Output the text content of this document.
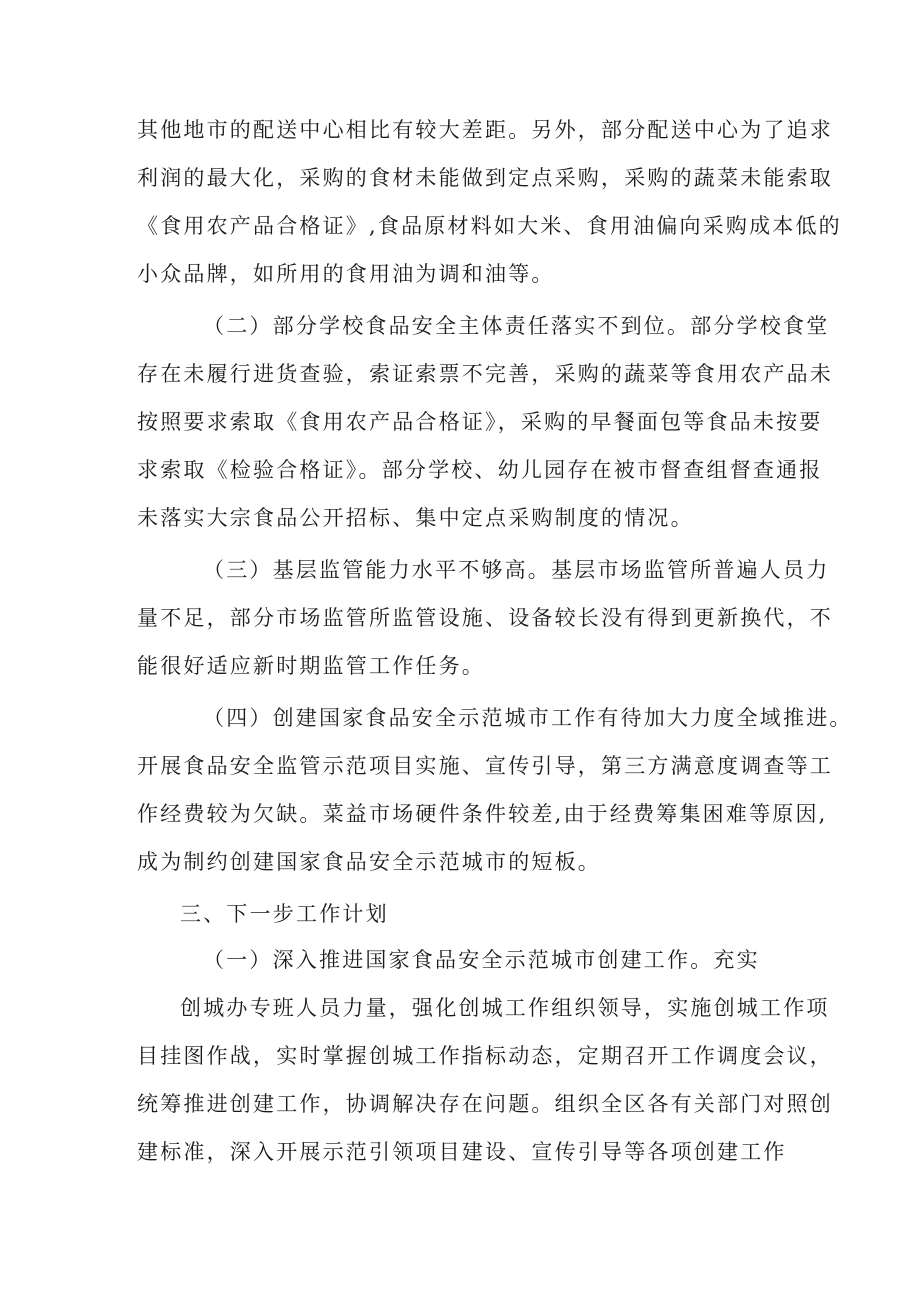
其他地市的配送中心相比有较大差距。另外，部分配送中心为了追求
利润的最大化，采购的食材未能做到定点采购，采购的蔬菜未能索取
《食用农产品合格证》,食品原材料如大米、食用油偏向采购成本低的
小众品牌，如所用的食用油为调和油等。
（二）部分学校食品安全主体责任落实不到位。部分学校食堂
存在未履行进货查验，索证索票不完善，采购的蔬菜等食用农产品未
按照要求索取《食用农产品合格证》，采购的早餐面包等食品未按要
求索取《检验合格证》。部分学校、幼儿园存在被市督查组督查通报
未落实大宗食品公开招标、集中定点采购制度的情况。
（三）基层监管能力水平不够高。基层市场监管所普遍人员力
量不足，部分市场监管所监管设施、设备较长没有得到更新换代，不
能很好适应新时期监管工作任务。
（四）创建国家食品安全示范城市工作有待加大力度全域推进。
开展食品安全监管示范项目实施、宣传引导，第三方满意度调查等工
作经费较为欠缺。菜益市场硬件条件较差,由于经费筹集困难等原因,
成为制约创建国家食品安全示范城市的短板。
三、下一步工作计划
（一）深入推进国家食品安全示范城市创建工作。充实
创城办专班人员力量，强化创城工作组织领导，实施创城工作项
目挂图作战，实时掌握创城工作指标动态，定期召开工作调度会议，
统筹推进创建工作，协调解决存在问题。组织全区各有关部门对照创
建标准，深入开展示范引领项目建设、宣传引导等各项创建工作
